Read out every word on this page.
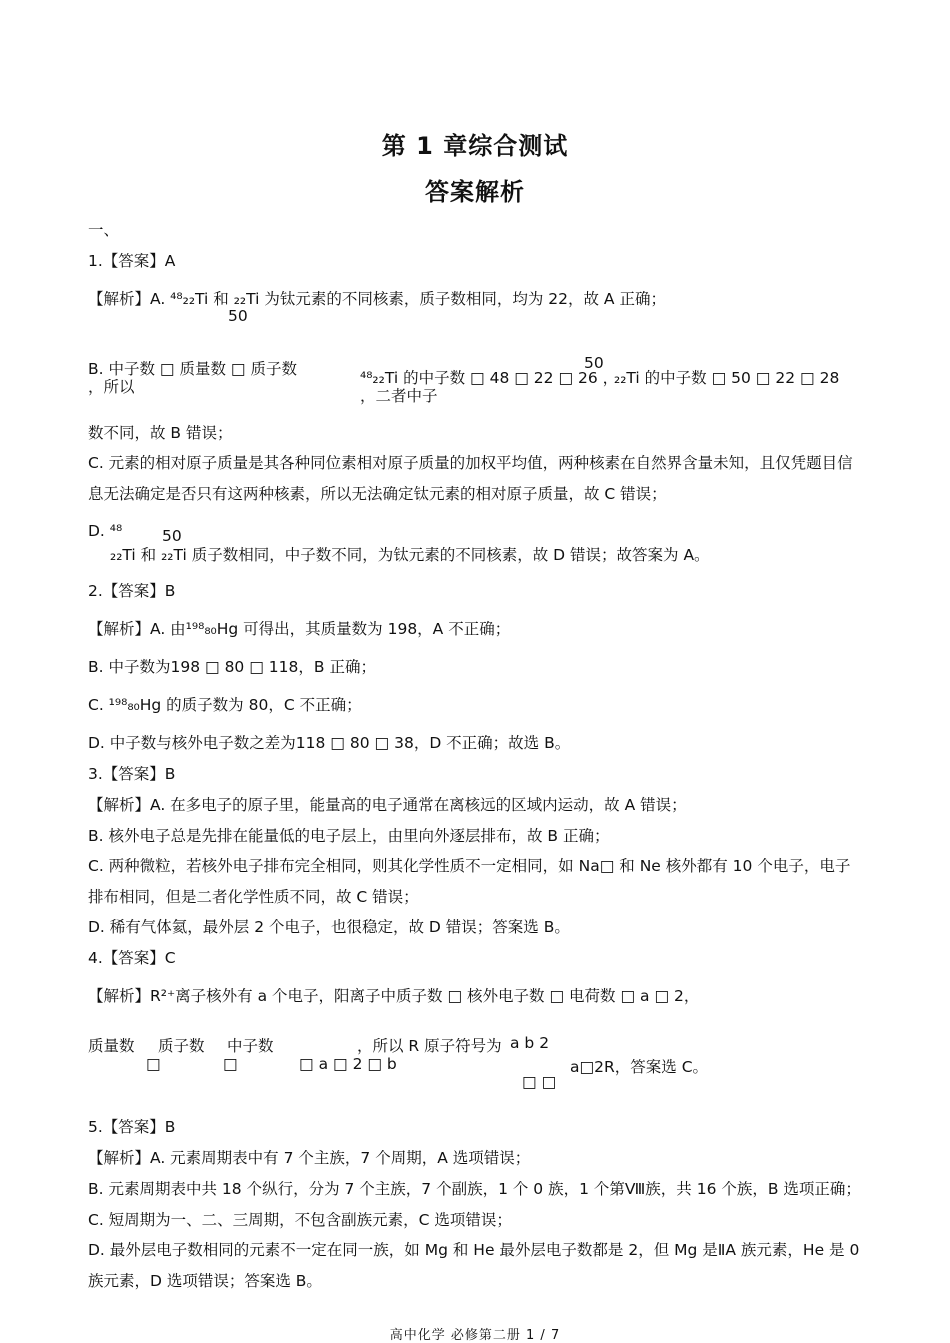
第 1 章综合测试
答案解析
一、
1.【答案】A
【解析】A. ⁴⁸₂₂Ti 和 ₂₂Ti 为钛元素的不同核素，质子数相同，均为 22，故 A 正确；
50
B. 中子数 □ 质量数 □ 质子数
，所以	⁴⁸₂₂Ti 的中子数 □ 48 □ 22 □ 26 ，
50
₂₂Ti 的中子数 □ 50 □ 22 □ 28
，二者中子
数不同，故 B 错误；
C. 元素的相对原子质量是其各种同位素相对原子质量的加权平均值，两种核素在自然界含量未知，且仅凭题目信息无法确定是否只有这两种核素，所以无法确定钛元素的相对原子质量，故 C 错误；
D. ⁴⁸	50
₂₂Ti 和 ₂₂Ti 质子数相同，中子数不同，为钛元素的不同核素，故 D 错误；故答案为 A。
2.【答案】B
【解析】A. 由¹⁹⁸₈₀Hg 可得出，其质量数为 198，A 不正确；
B. 中子数为198 □ 80 □ 118，B 正确；
C. ¹⁹⁸₈₀Hg 的质子数为 80，C 不正确；
D. 中子数与核外电子数之差为118 □ 80 □ 38，D 不正确；故选 B。
3.【答案】B
【解析】A. 在多电子的原子里，能量高的电子通常在离核远的区域内运动，故 A 错误；
B. 核外电子总是先排在能量低的电子层上，由里向外逐层排布，故 B 正确；
C. 两种微粒，若核外电子排布完全相同，则其化学性质不一定相同，如 Na□ 和 Ne 核外都有 10 个电子，电子排布相同，但是二者化学性质不同，故 C 错误；
D. 稀有气体氦，最外层 2 个电子，也很稳定，故 D 错误；答案选 B。
4.【答案】C
【解析】R²⁺离子核外有 a 个电子，阳离子中质子数 □ 核外电子数 □ 电荷数 □ a □ 2，
质量数 质子数 中子数	，所以 R 原子符号为 a b 2
□	□	□ a □ 2 □ b	a□2R，答案选 C。
□ □
5.【答案】B
【解析】A. 元素周期表中有 7 个主族，7 个周期，A 选项错误；
B. 元素周期表中共 18 个纵行，分为 7 个主族，7 个副族，1 个 0 族，1 个第Ⅷ族，共 16 个族，B 选项正确；
C. 短周期为一、二、三周期，不包含副族元素，C 选项错误；
D. 最外层电子数相同的元素不一定在同一族，如 Mg 和 He 最外层电子数都是 2，但 Mg 是ⅡA 族元素，He 是 0 族元素，D 选项错误；答案选 B。
高中化学 必修第二册 1 / 7
